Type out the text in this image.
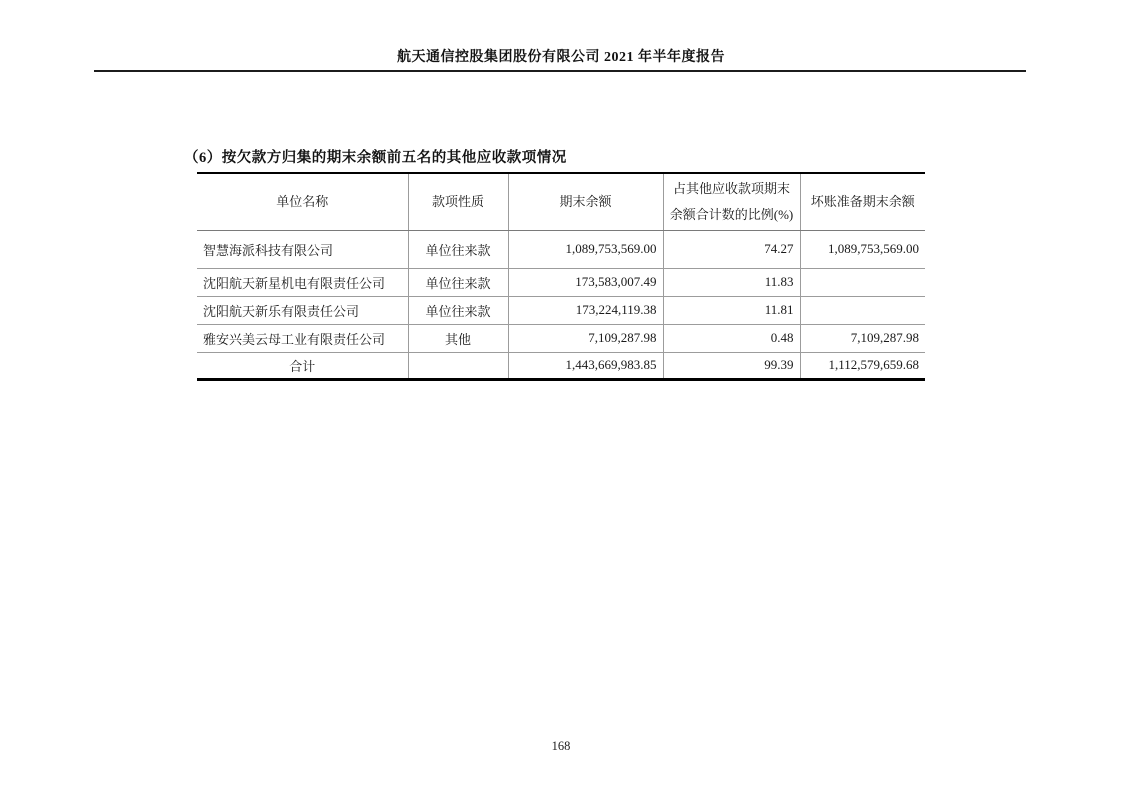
航天通信控股集团股份有限公司 2021 年半年度报告
（6）按欠款方归集的期末余额前五名的其他应收款项情况
单位名称	款项性质	期末余额	占其他应收款项期末余额合计数的比例(%)	坏账准备期末余额
智慧海派科技有限公司	单位往来款	1,089,753,569.00	74.27	1,089,753,569.00
沈阳航天新星机电有限责任公司	单位往来款	173,583,007.49	11.83	
沈阳航天新乐有限责任公司	单位往来款	173,224,119.38	11.81	
雅安兴美云母工业有限责任公司	其他	7,109,287.98	0.48	7,109,287.98
合计		1,443,669,983.85	99.39	1,112,579,659.68
168
